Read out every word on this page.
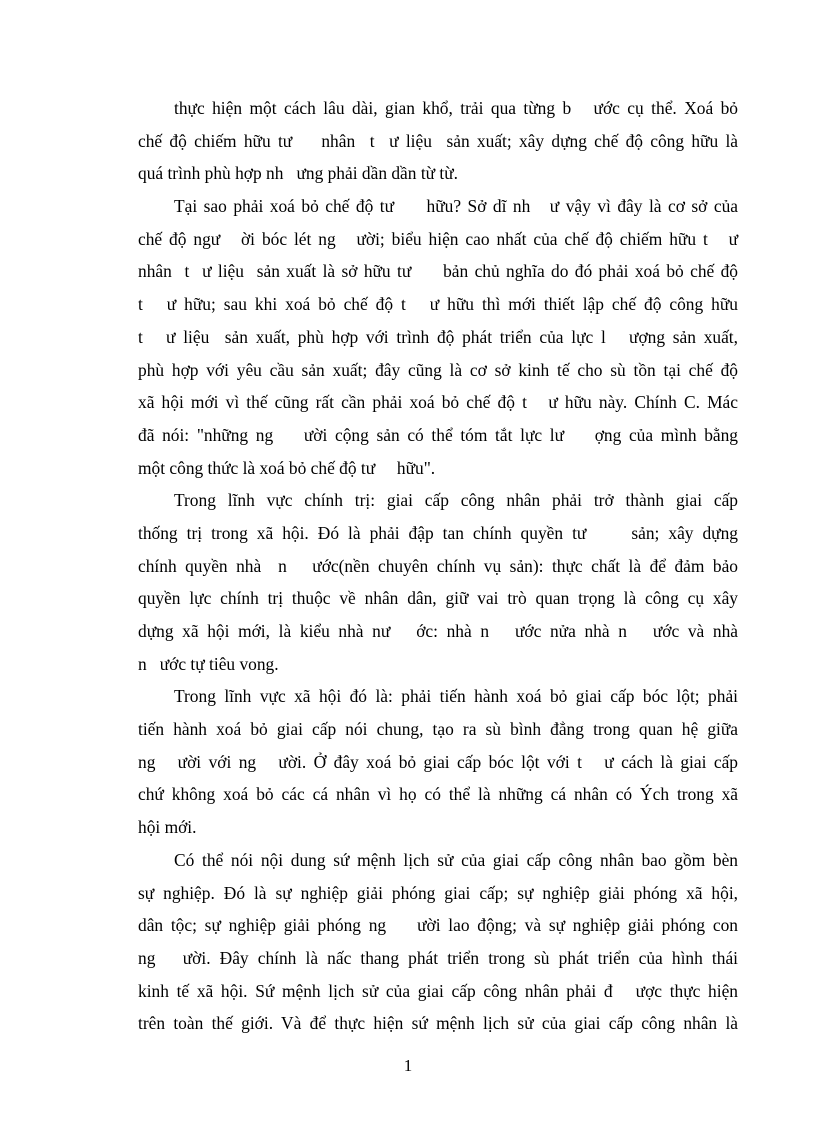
thực hiện một cách lâu dài, gian khổ, trải qua từng b   ước cụ thể. Xoá bỏ
chế độ chiếm hữu tư    nhân  t  ư liệu  sản xuất; xây dựng chế độ công hữu là
quá trình phù hợp nh   ưng phải dần dần từ từ.
Tại sao phải xoá bỏ chế độ tư     hữu? Sở dĩ nh   ư vậy vì đây là cơ sở của
chế độ ngư   ời bóc lét ng   ười; biểu hiện cao nhất của chế độ chiếm hữu t   ư
nhân  t  ư liệu  sản xuất là sở hữu tư     bản chủ nghĩa do đó phải xoá bỏ chế độ
t   ư hữu; sau khi xoá bỏ chế độ t   ư hữu thì mới thiết lập chế độ công hữu
t   ư liệu  sản xuất, phù hợp với trình độ phát triển của lực l   ượng sản xuất,
phù hợp với yêu cầu sản xuất; đây cũng là cơ sở kinh tế cho sù tồn tại chế độ
xã hội mới vì thế cũng rất cần phải xoá bỏ chế độ t   ư hữu này. Chính C. Mác
đã nói: "những ng    ười cộng sản có thể tóm tắt lực lư    ợng của mình bằng
một công thức là xoá bỏ chế độ tư     hữu".
Trong lĩnh vực chính trị: giai cấp công nhân phải trở thành giai cấp
thống trị trong xã hội. Đó là phải đập tan chính quyền tư     sản; xây dựng
chính quyền nhà  n   ước(nền chuyên chính vụ sản): thực chất là để đảm bảo
quyền lực chính trị thuộc về nhân dân, giữ vai trò quan trọng là công cụ xây
dựng xã hội mới, là kiểu nhà nư   ớc: nhà n   ước nửa nhà n   ước và nhà
n   ước tự tiêu vong.
Trong lĩnh vực xã hội đó là: phải tiến hành xoá bỏ giai cấp bóc lột; phải
tiến hành xoá bỏ giai cấp nói chung, tạo ra sù bình đẳng trong quan hệ giữa
ng   ười với ng   ười. Ở đây xoá bỏ giai cấp bóc lột với t   ư cách là giai cấp
chứ không xoá bỏ các cá nhân vì họ có thể là những cá nhân có Ých trong xã
hội mới.
Có thể nói nội dung sứ mệnh lịch sử của giai cấp công nhân bao gồm bèn
sự nghiệp. Đó là sự nghiệp giải phóng giai cấp; sự nghiệp giải phóng xã hội,
dân tộc; sự nghiệp giải phóng ng    ười lao động; và sự nghiệp giải phóng con
ng   ười. Đây chính là nấc thang phát triển trong sù phát triển của hình thái
kinh tế xã hội. Sứ mệnh lịch sử của giai cấp công nhân phải đ   ược thực hiện
trên toàn thế giới. Và để thực hiện sứ mệnh lịch sử của giai cấp công nhân là
1
